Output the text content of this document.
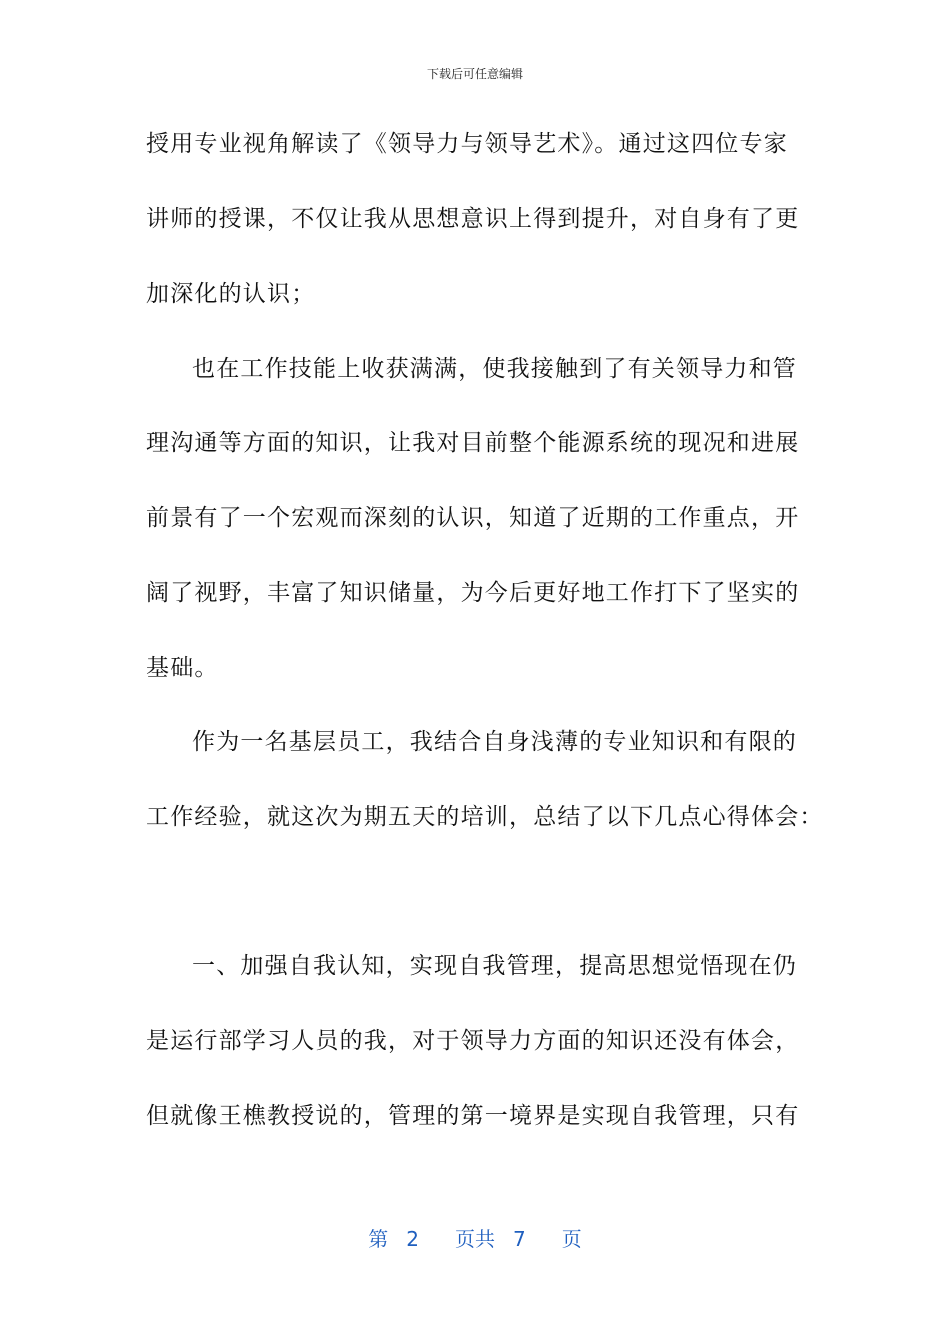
下载后可任意编辑
授用专业视角解读了《领导力与领导艺术》。通过这四位专家
讲师的授课，不仅让我从思想意识上得到提升，对自身有了更
加深化的认识；
也在工作技能上收获满满，使我接触到了有关领导力和管
理沟通等方面的知识，让我对目前整个能源系统的现况和进展
前景有了一个宏观而深刻的认识，知道了近期的工作重点，开
阔了视野，丰富了知识储量，为今后更好地工作打下了坚实的
基础。
作为一名基层员工，我结合自身浅薄的专业知识和有限的
工作经验，就这次为期五天的培训，总结了以下几点心得体会：
一、加强自我认知，实现自我管理，提高思想觉悟现在仍
是运行部学习人员的我，对于领导力方面的知识还没有体会，
但就像王樵教授说的，管理的第一境界是实现自我管理，只有
第 2 页共 7 页
